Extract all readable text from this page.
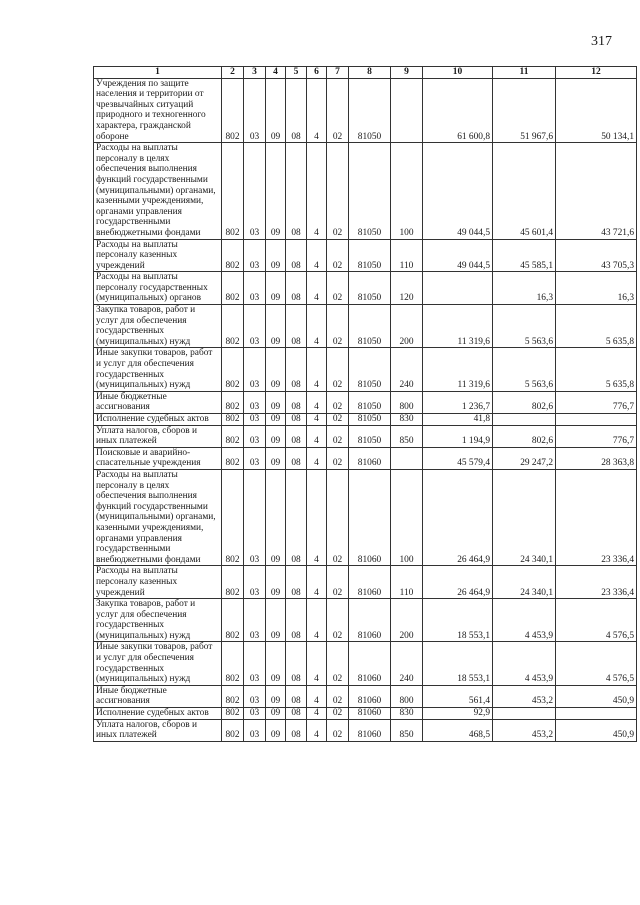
317
1	2	3	4	5	6	7	8	9	10	11	12
Учреждения по защите населения и территории от чрезвычайных ситуаций природного и техногенного характера, гражданской обороне	802	03	09	08	4	02	81050		61 600,8	51 967,6	50 134,1
Расходы на выплаты персоналу в целях обеспечения выполнения функций государственными (муниципальными) органами, казенными учреждениями, органами управления государственными внебюджетными фондами	802	03	09	08	4	02	81050	100	49 044,5	45 601,4	43 721,6
Расходы на выплаты персоналу казенных учреждений	802	03	09	08	4	02	81050	110	49 044,5	45 585,1	43 705,3
Расходы на выплаты персоналу государственных (муниципальных) органов	802	03	09	08	4	02	81050	120		16,3	16,3
Закупка товаров, работ и услуг для обеспечения государственных (муниципальных) нужд	802	03	09	08	4	02	81050	200	11 319,6	5 563,6	5 635,8
Иные закупки товаров, работ и услуг для обеспечения государственных (муниципальных) нужд	802	03	09	08	4	02	81050	240	11 319,6	5 563,6	5 635,8
Иные бюджетные ассигнования	802	03	09	08	4	02	81050	800	1 236,7	802,6	776,7
Исполнение судебных актов	802	03	09	08	4	02	81050	830	41,8		
Уплата налогов, сборов и иных платежей	802	03	09	08	4	02	81050	850	1 194,9	802,6	776,7
Поисковые и аварийно-спасательные учреждения	802	03	09	08	4	02	81060		45 579,4	29 247,2	28 363,8
Расходы на выплаты персоналу в целях обеспечения выполнения функций государственными (муниципальными) органами, казенными учреждениями, органами управления государственными внебюджетными фондами	802	03	09	08	4	02	81060	100	26 464,9	24 340,1	23 336,4
Расходы на выплаты персоналу казенных учреждений	802	03	09	08	4	02	81060	110	26 464,9	24 340,1	23 336,4
Закупка товаров, работ и услуг для обеспечения государственных (муниципальных) нужд	802	03	09	08	4	02	81060	200	18 553,1	4 453,9	4 576,5
Иные закупки товаров, работ и услуг для обеспечения государственных (муниципальных) нужд	802	03	09	08	4	02	81060	240	18 553,1	4 453,9	4 576,5
Иные бюджетные ассигнования	802	03	09	08	4	02	81060	800	561,4	453,2	450,9
Исполнение судебных актов	802	03	09	08	4	02	81060	830	92,9		
Уплата налогов, сборов и иных платежей	802	03	09	08	4	02	81060	850	468,5	453,2	450,9
